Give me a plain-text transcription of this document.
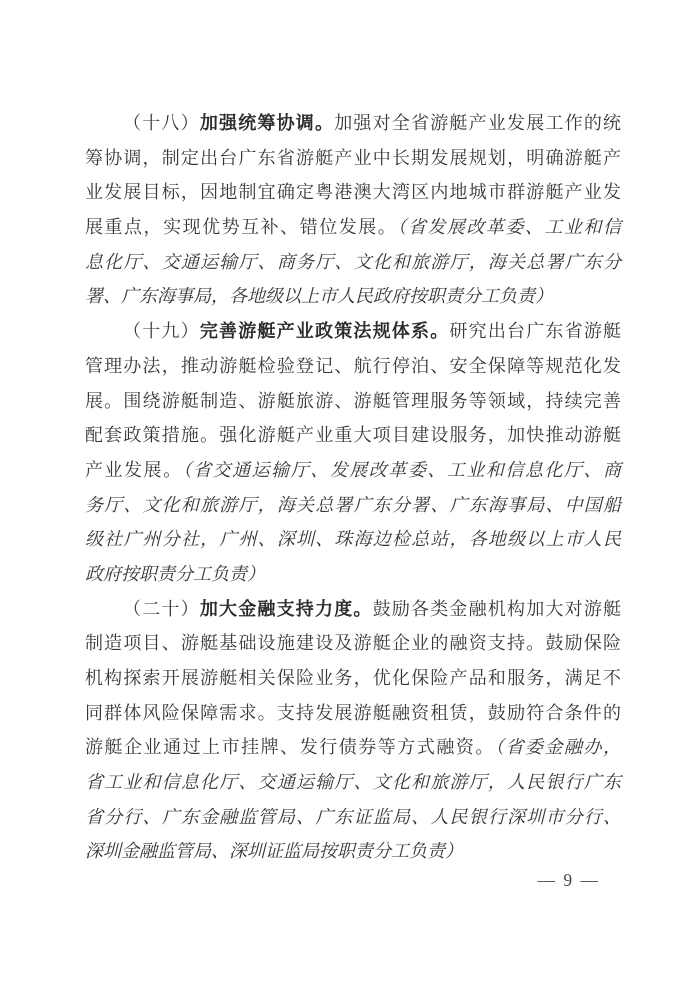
（十八）加强统筹协调。加强对全省游艇产业发展工作的统
筹协调，制定出台广东省游艇产业中长期发展规划，明确游艇产
业发展目标，因地制宜确定粤港澳大湾区内地城市群游艇产业发
展重点，实现优势互补、错位发展。（省发展改革委、工业和信
息化厅、交通运输厅、商务厅、文化和旅游厅，海关总署广东分
署、广东海事局，各地级以上市人民政府按职责分工负责）
（十九）完善游艇产业政策法规体系。研究出台广东省游艇
管理办法，推动游艇检验登记、航行停泊、安全保障等规范化发
展。围绕游艇制造、游艇旅游、游艇管理服务等领域，持续完善
配套政策措施。强化游艇产业重大项目建设服务，加快推动游艇
产业发展。（省交通运输厅、发展改革委、工业和信息化厅、商
务厅、文化和旅游厅，海关总署广东分署、广东海事局、中国船
级社广州分社，广州、深圳、珠海边检总站，各地级以上市人民
政府按职责分工负责）
（二十）加大金融支持力度。鼓励各类金融机构加大对游艇
制造项目、游艇基础设施建设及游艇企业的融资支持。鼓励保险
机构探索开展游艇相关保险业务，优化保险产品和服务，满足不
同群体风险保障需求。支持发展游艇融资租赁，鼓励符合条件的
游艇企业通过上市挂牌、发行债券等方式融资。（省委金融办，
省工业和信息化厅、交通运输厅、文化和旅游厅，人民银行广东
省分行、广东金融监管局、广东证监局、人民银行深圳市分行、
深圳金融监管局、深圳证监局按职责分工负责）
— 9 —
